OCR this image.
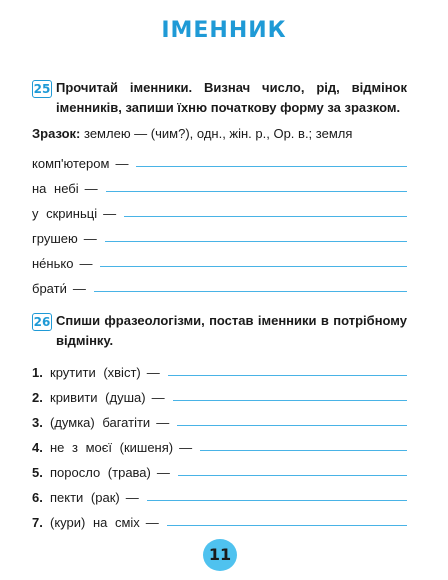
ІМЕННИК
25 Прочитай іменники. Визнач число, рід, відмінок іменників, запиши їхню початкову форму за зразком.
Зразок: землею — (чим?), одн., жін. р., Ор. в.; земля
комп'ютером —
на небі —
у скриньці —
грушею —
не́нько —
брати́ —
26 Спиши фразеологізми, постав іменники в потрібному відмінку.
1. крутити (хвіст) —
2. кривити (душа) —
3. (думка) багатіти —
4. не з моєї (кишеня) —
5. поросло (трава) —
6. пекти (рак) —
7. (кури) на сміх —
11
